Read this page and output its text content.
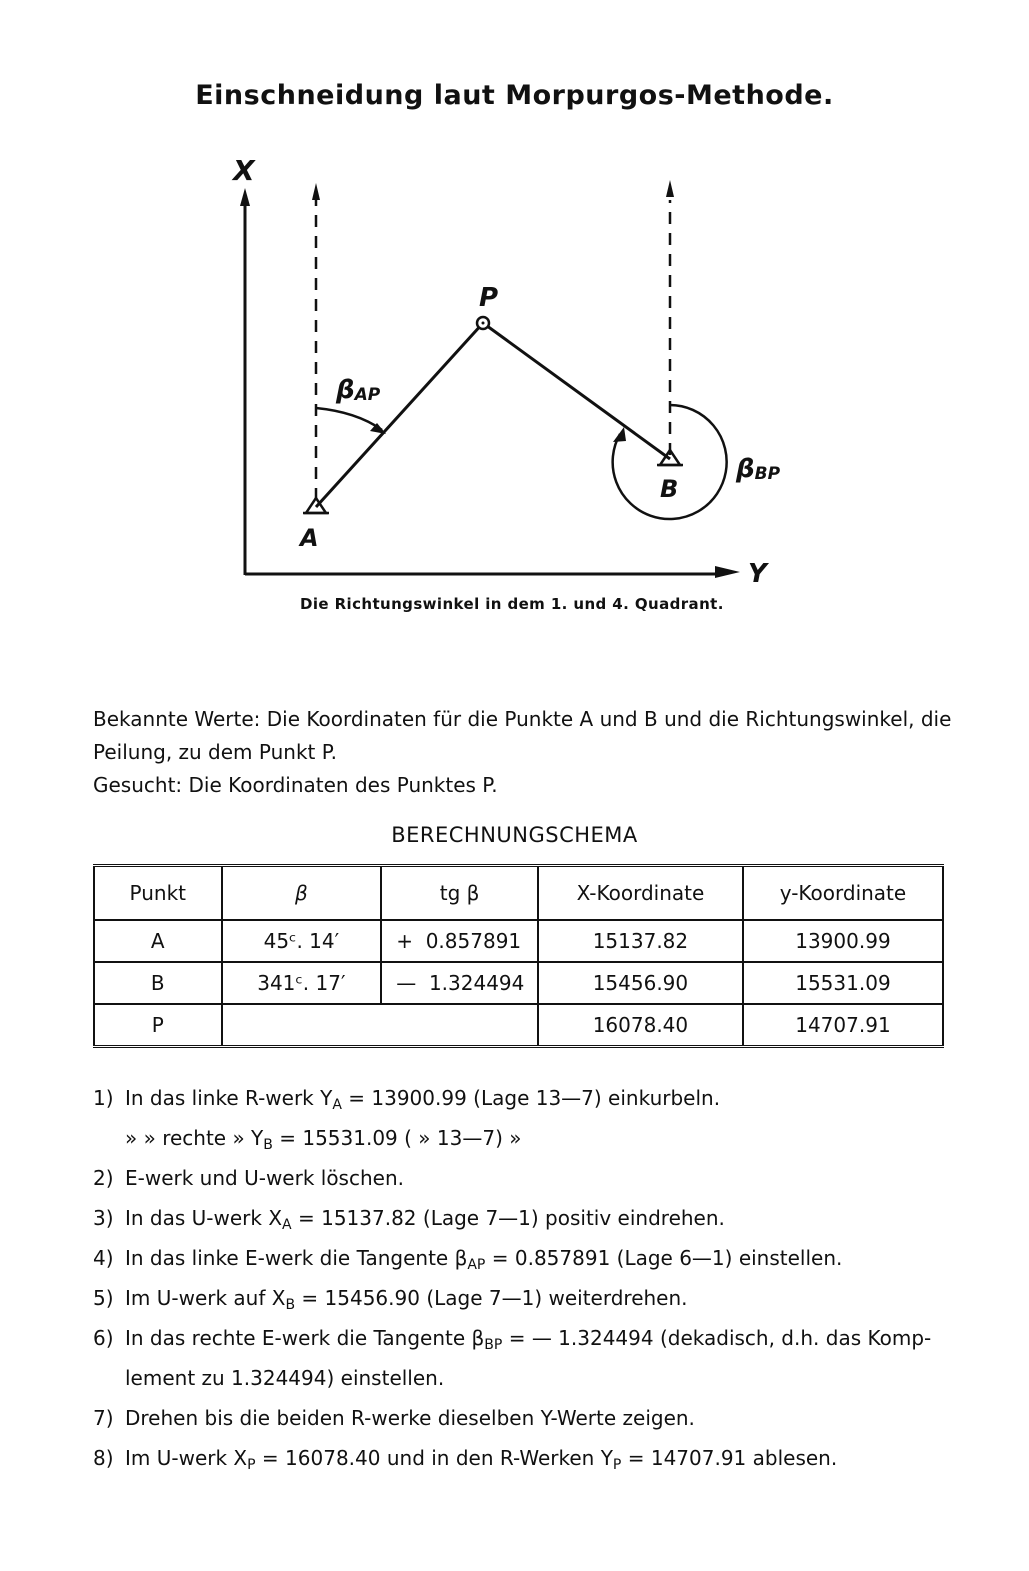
Einschneidung laut Morpurgos-Methode.
X
Y
P
A
B
βAP
βBP
Die Richtungswinkel in dem 1. und 4. Quadrant.

Bekannte Werte: Die Koordinaten für die Punkte A und B und die Richtungswinkel, die Peilung, zu dem Punkt P.

Gesucht: Die Koordinaten des Punktes P.

BERECHNUNGSCHEMA
Punkt	β	tg β	X-Koordinate	y-Koordinate
A	45ᶜ. 14′	+  0.857891	15137.82	13900.99
B	341ᶜ. 17′	—  1.324494	15456.90	15531.09
P			16078.40	14707.91
1) In das linke R-werk $Y_A = 13900.99$ (Lage 13—7) einkurbeln.
» » rechte » $Y_B = 15531.09$ ( » 13—7) »
2) E-werk und U-werk löschen.
3) In das U-werk $X_A = 15137.82$ (Lage 7—1) positiv eindrehen.
4) In das linke E-werk die Tangente $\beta_{AP} = 0.857891$ (Lage 6—1) einstellen.
5) Im U-werk auf $X_B = 15456.90$ (Lage 7—1) weiterdrehen.
6) In das rechte E-werk die Tangente $\beta_{BP}$ = — 1.324494 (dekadisch, d.h. das Komp-
lement zu 1.324494) einstellen.
7) Drehen bis die beiden R-werke dieselben Y-Werte zeigen.
8) Im U-werk $X_P = 16078.40$ und in den R-Werken $Y_P = 14707.91$ ablesen.
